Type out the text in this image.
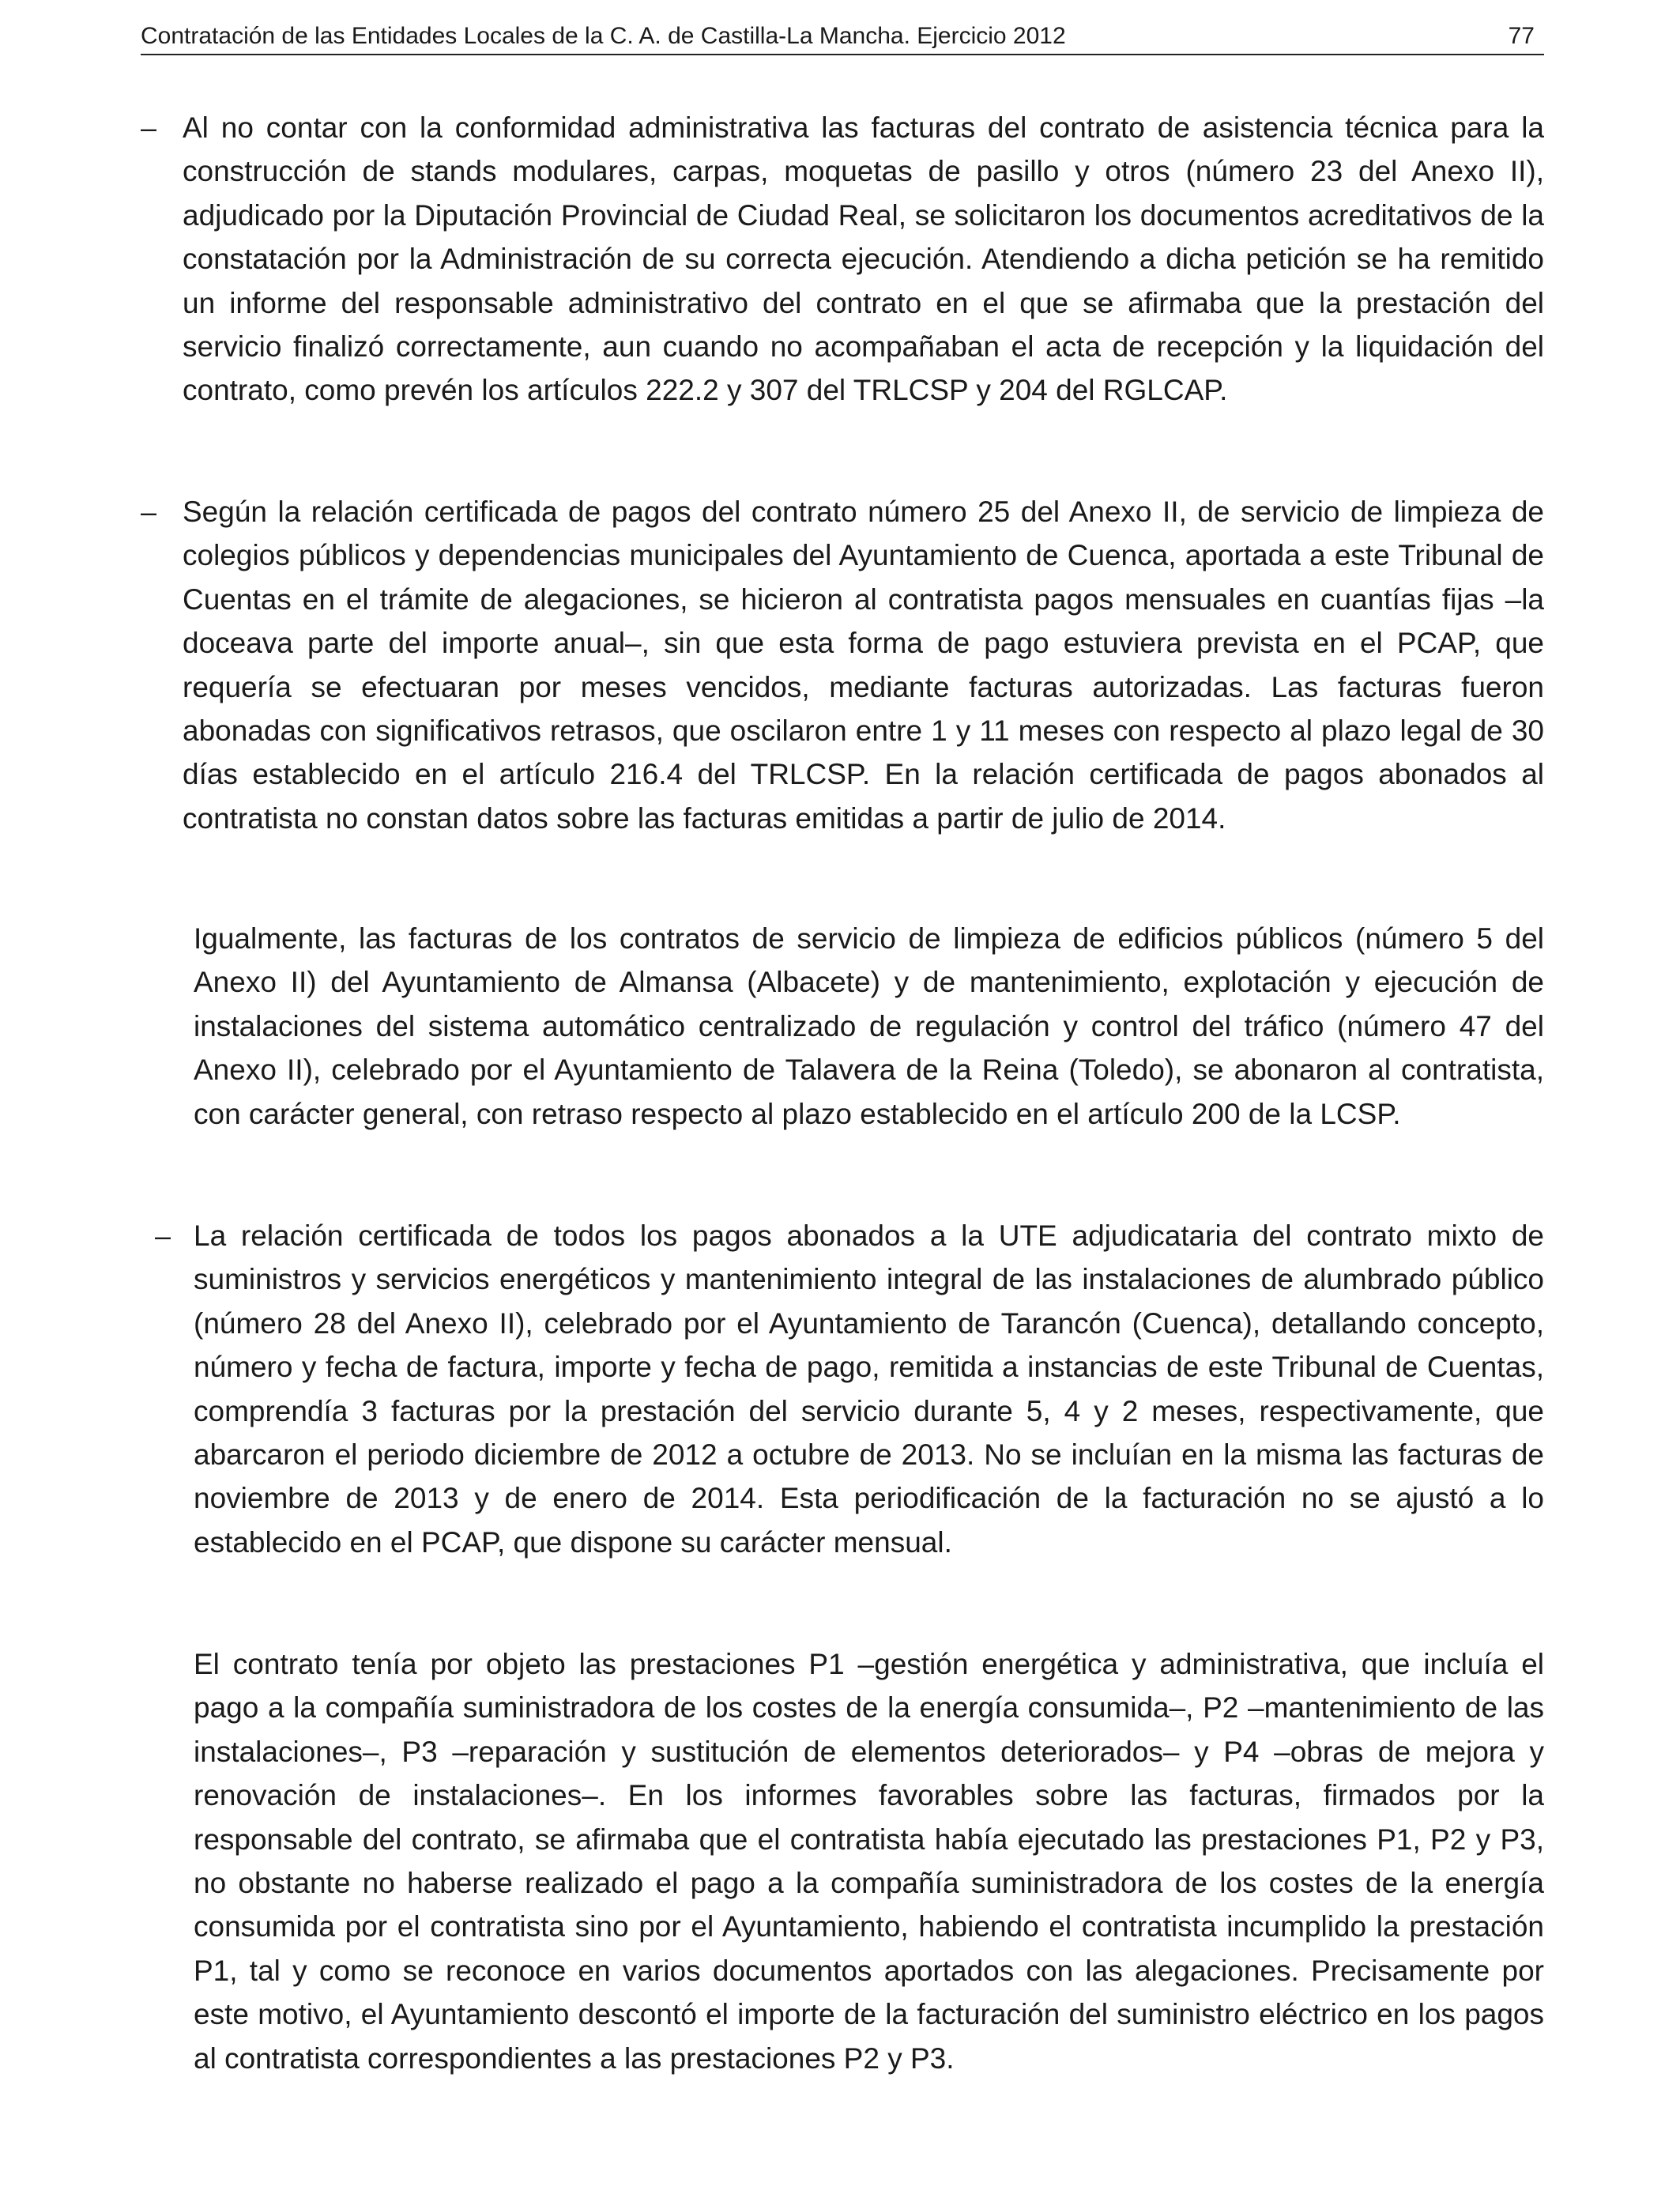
Contratación de las Entidades Locales de la C. A. de Castilla-La Mancha. Ejercicio 2012	77
– Al no contar con la conformidad administrativa las facturas del contrato de asistencia técnica para la construcción de stands modulares, carpas, moquetas de pasillo y otros (número 23 del Anexo II), adjudicado por la Diputación Provincial de Ciudad Real, se solicitaron los documentos acreditativos de la constatación por la Administración de su correcta ejecución. Atendiendo a dicha petición se ha remitido un informe del responsable administrativo del contrato en el que se afirmaba que la prestación del servicio finalizó correctamente, aun cuando no acompañaban el acta de recepción y la liquidación del contrato, como prevén los artículos 222.2 y 307 del TRLCSP y 204 del RGLCAP.

– Según la relación certificada de pagos del contrato número 25 del Anexo II, de servicio de limpieza de colegios públicos y dependencias municipales del Ayuntamiento de Cuenca, aportada a este Tribunal de Cuentas en el trámite de alegaciones, se hicieron al contratista pagos mensuales en cuantías fijas –la doceava parte del importe anual–, sin que esta forma de pago estuviera prevista en el PCAP, que requería se efectuaran por meses vencidos, mediante facturas autorizadas. Las facturas fueron abonadas con significativos retrasos, que oscilaron entre 1 y 11 meses con respecto al plazo legal de 30 días establecido en el artículo 216.4 del TRLCSP. En la relación certificada de pagos abonados al contratista no constan datos sobre las facturas emitidas a partir de julio de 2014.

Igualmente, las facturas de los contratos de servicio de limpieza de edificios públicos (número 5 del Anexo II) del Ayuntamiento de Almansa (Albacete) y de mantenimiento, explotación y ejecución de instalaciones del sistema automático centralizado de regulación y control del tráfico (número 47 del Anexo II), celebrado por el Ayuntamiento de Talavera de la Reina (Toledo), se abonaron al contratista, con carácter general, con retraso respecto al plazo establecido en el artículo 200 de la LCSP.

– La relación certificada de todos los pagos abonados a la UTE adjudicataria del contrato mixto de suministros y servicios energéticos y mantenimiento integral de las instalaciones de alumbrado público (número 28 del Anexo II), celebrado por el Ayuntamiento de Tarancón (Cuenca), detallando concepto, número y fecha de factura, importe y fecha de pago, remitida a instancias de este Tribunal de Cuentas, comprendía 3 facturas por la prestación del servicio durante 5, 4 y 2 meses, respectivamente, que abarcaron el periodo diciembre de 2012 a octubre de 2013. No se incluían en la misma las facturas de noviembre de 2013 y de enero de 2014. Esta periodificación de la facturación no se ajustó a lo establecido en el PCAP, que dispone su carácter mensual.

El contrato tenía por objeto las prestaciones P1 –gestión energética y administrativa, que incluía el pago a la compañía suministradora de los costes de la energía consumida–, P2 –mantenimiento de las instalaciones–, P3 –reparación y sustitución de elementos deteriorados– y P4 –obras de mejora y renovación de instalaciones–. En los informes favorables sobre las facturas, firmados por la responsable del contrato, se afirmaba que el contratista había ejecutado las prestaciones P1, P2 y P3, no obstante no haberse realizado el pago a la compañía suministradora de los costes de la energía consumida por el contratista sino por el Ayuntamiento, habiendo el contratista incumplido la prestación P1, tal y como se reconoce en varios documentos aportados con las alegaciones. Precisamente por este motivo, el Ayuntamiento descontó el importe de la facturación del suministro eléctrico en los pagos al contratista correspondientes a las prestaciones P2 y P3.
